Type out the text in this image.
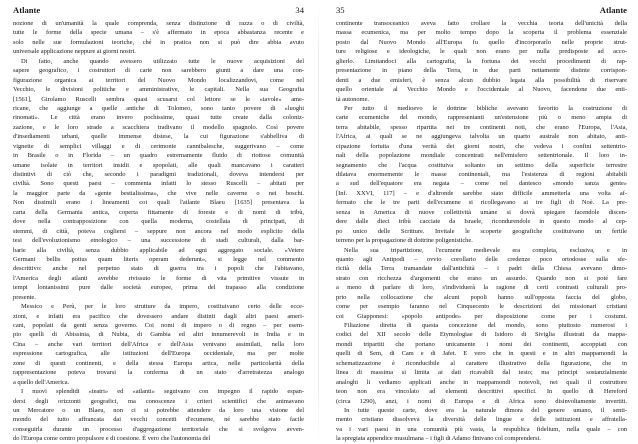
Atlante	34
nozione di un'umanità la quale comprenda, senza distinzione di razza o di civiltà,
tutte le forme della specie umana – s'è affermato in epoca abbastanza recente e
solo nelle sue formulazioni teoriche, ché in pratica non si può dire abbia avuto
universale applicazione neppure ai giorni nostri.
Di fatto, anche quando avessero utilizzato tutte le nuove acquisizioni del
sapere geografico, i costruttori di carte non sarebbero giunti a dare una con-
figurazione organica ai territori del Nuovo Mondo localizzandovi, come nel
Vecchio, le divisioni politiche e amministrative, le capitali. Nella sua Geografia
[1561], Girolamo Ruscelli sembra quasi scusarsi col lettore se le «tavole» ame-
ricane, che aggiunge a quelle antiche di Tolomeo, sono tanto povere di «luoghi
rinomati». Le città erano invero pochissime, quasi tutte create dalla coloniz-
zazione, e le loro strade a scacchiera tradivano il modello spagnolo. Così povere
d'insediamenti urbani, quelle immense distese, la cui figurazione s'abbelliva di
vignette di semplici villaggi e di cerimonie cannibalesche, suggerivano – come
in Brasile o in Florida – un quadro estremamente fluido di riottose comunità
umane isolate in territori insidii e spopolati, alle quali mancavano i caratteri
distintivi di ciò che, secondo i paradigmi tradizionali, doveva intendersi per
civiltà. Sono questi paesi – commenta infatti lo stesso Ruscelli – abitati per
la maggior parte da «gente bestialissima», che vive nelle caverne o nei boschi.
Non dissimili erano i lineamenti coi quali l'atlante Blaeu [1635] presentava la
carta della Germania antica, coperta fittamente di foreste e di nomi di tribù,
dove nella contrapposizione con quella moderna, costellata di principati, di
stemmi, di città, poteva cogliersi – seppure non ancora nel modo esplicito della
tesi dell'evoluzionismo etnologico – una successione di stadi culturali, dalla bar-
barie alla civiltà, senza dubbio applicabile ad ogni aggregato sociale. «Vetere
Germani bellis potius quam literis operam dederunt», si legge nel commento
descrittivo: anche nel perpetuo stato di guerra tra i popoli che l'abitavano,
l'America degli atlanti avrebbe rivissuto le forme di vita primitive vissute in
tempi lontanissimi pure dalle società europee, prima del trapasso alla condizione
presente.
Messico e Perù, per le loro strutture da impero, costituivano certo delle ecce-
zioni, e infatti era pacifico che dovessero andare distinti dagli altri paesi ameri-
cani, popolati da genti senza governo. Coi nomi di impero o di regno – per esem-
pio quelli di Abissinia, di Nubia, di Gambia ed altri innumerevoli in India e in
Cina – anche vari territori dell'Africa e dell'Asia venivano assimilati, nella loro
espressione cartografica, alle istituzioni dell'Europa occidentale, ma per molte
zone di questi continenti, e della stessa Europa artica, nelle particolarità della
rappresentazione poteva trovarsi la conferma di un stato d'arretratezza analogo
a quello dell'America.
I nuovi splendidi «teatri» ed «atlanti» seguivano con impegno il rapido espan-
dersi degli orizzonti geografici, ma conoscenze i criteri scientifici che animavano
un Mercatore o un Blaeu, non ci si potrebbe attendere da loro una visione del
mondo del tutto affrancata dai vecchi concetti d'ecumene, né sarebbe stato facile
conseguirla durante un processo d'aggregazione territoriale che si svolgeva avven-
do l'Europa come centro propulsore e di coesione. È vero che l'autonomia del
35	Atlante
continente transoceanico aveva fatto crollare la vecchia teoria dell'unicità della
massa ecumenica, ma per molto tempo dopo la scoperta il problema essenziale
posto dal Nuovo Mondo all'Europa fu quello d'incorporarlo nelle proprie strut-
ture religiose e ideologiche, le quali non erano per nulla predisposte ad acco-
glierlo. Limitandoci alla cartografia, la fortuna dei vecchi procedimenti di rap-
presentazione in piano della Terra, in due parti nettamente distinte corrispon-
denti a due emisferi, è senza alcun dubbio legata alla possibilità di riservare
quello orientale al Vecchio Mondo e l'occidentale al Nuovo, facendone due enti-
tà autonome.
Per tutto il medioevo le dottrine bibliche avevano favorito la costruzione di
carte ecumeniche del mondo, rappresentanti un'estensione più o meno ampia di
terra abitabile, spesso ripartita nei tre continenti noti, che erano l'Europa, l'Asia,
l'Africa, ai quali se ne aggiungeva talvolta un quarto australe non abitato, anti-
cipazione fortuita d'una verità dei giorni nostri, che vedeva i confini settentrio-
nali della popolazione mondiale concentrati nell'emisfero settentrionale. Il loro in-
segnamento che l'acqua costituiva soltanto un settimo della superficie terrestre
dilatava enormemente le masse continentali, ma l'esistenza di regioni abitabili
a sud dell'equatore era negata – come nel dantesco «mondo sanza gente»
[Inf. XXVI, 117] – e d'altronde sarebbe stato difficile ammetterla una volta af-
fermato che le tre parti dell'ecumene si ricollegavano ai tre figli di Noè. La pre-
senza in America di nuove collettività umane si dovrà spiegare facendole discen-
dere dalle dieci tribù cacciate da Israele, ricondurendole in questo modo al cep-
po unico delle Scritture. Invitale le scoperte geografiche costituivano un fertile
terreno per la propagazione di dottrine poligenistiche.
Nella sua tripartizione, l'ecumene medievale era completa, esclusiva, e in
quanto agli Antipodi – ovvio corollario delle credenze poco ortodosse sulla sfe-
ricità della Terra tramandate dall'antichità – i padri della Chiesa avevano dimo-
strato con ricchezza d'argomenti che erano un assurdo. Quando non si poté fare
a meno di parlare di loro, s'individuerà la ragione di certi contrasti culturali pro-
prio nella collocazione che alcuni popoli hanno sull'opposta faccia del globo,
come per esempio faranno nel Cinquecento le descrizioni dei missionari cristiani
coi Giapponesi: «popolo antipode» per disposizione come per i costumi.
Filiazione diretta di questa concezione del mondo, sono piuttosto numerosi i
codici del XII secolo delle Etymologiae di Isidoro di Siviglia illustrati da mappa-
mondi tripartiti che portano unicamente i nomi dei continenti, accoppiati con
quelli di Sem, di Cam e di Jafet. E vero che in questi e in altri mappamondi la
schematizzazione è riconducibile al carattere illustrativo della figurazione, che in
linea di massima si limita ai dati ricavabili dal testo; ma principi sostanzialmente
analoghi li vediamo applicati anche in mappamondi notevoli, nei quali il costruttore
teon non era vincolato ad elementi descrittivi specifici. In quello di Hereford
(circa 1290), anzi, i nomi di Europa e di Africa sono disinvoltamente invertiti.
In tutte queste carte, dove era la naturale dimora del genere umano, il senti-
mento cristiano dissolveva la diversità delle lingue e delle istituzioni e affratella-
va i vari paesi in una comunità più vasta, la respublica fidelium, nella quale – con
la spregiata appendice musulmana – i figli di Adamo finivano col comprendersi.
